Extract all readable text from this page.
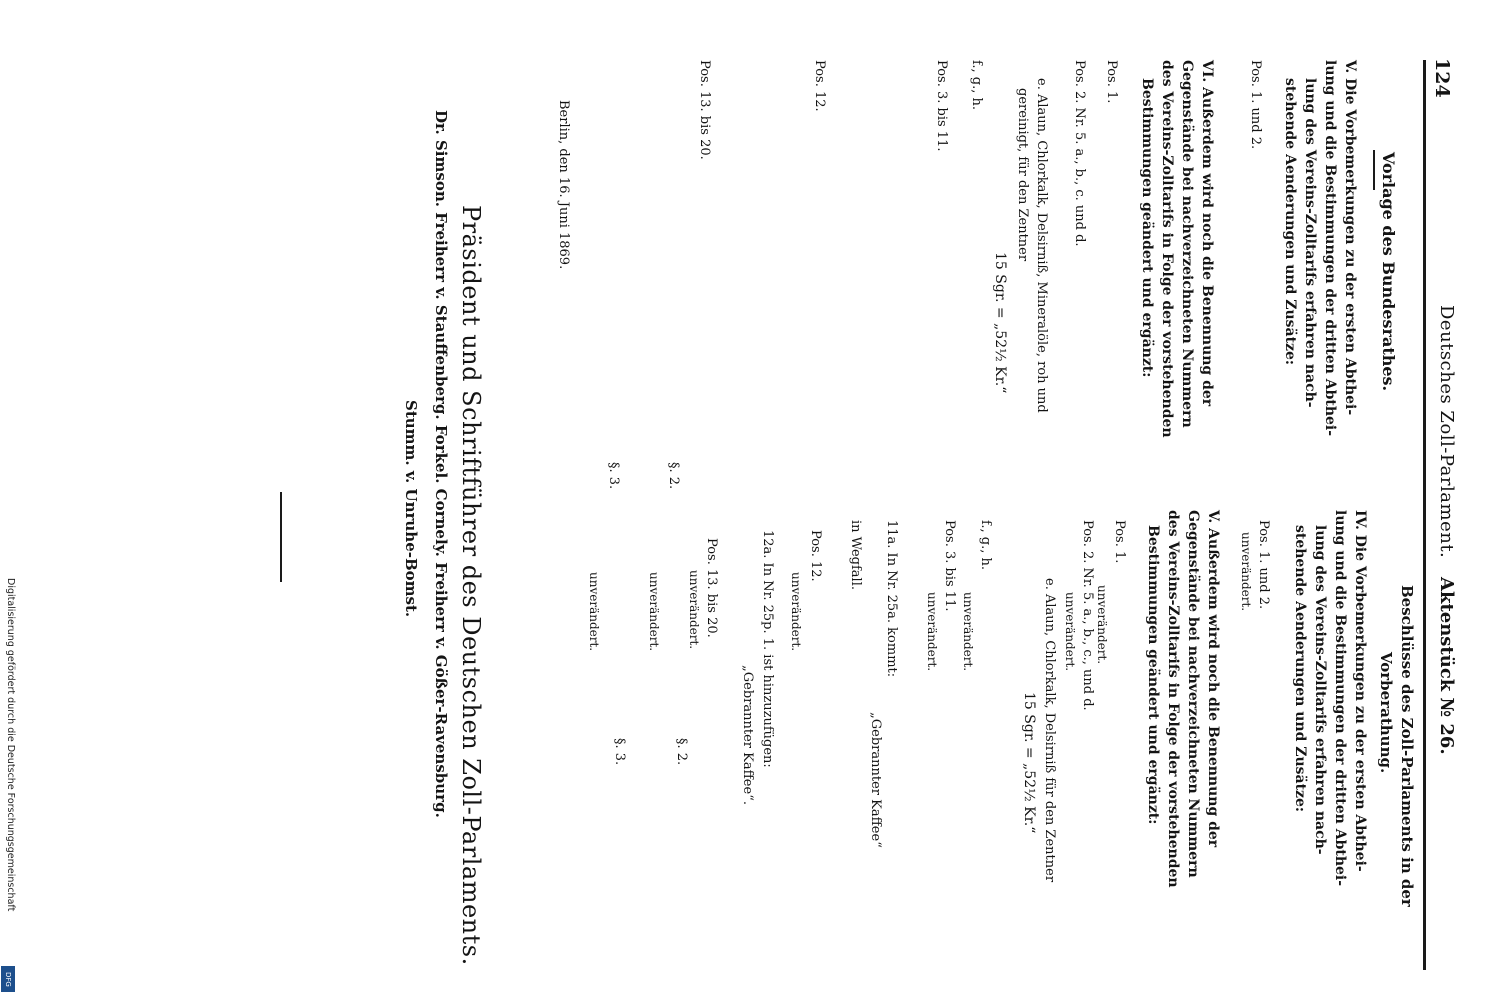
124
Deutsches Zoll-Parlament.
Aktenstück № 26.
Vorlage des Bundesrathes.
V. Die Vorbemerkungen zu der ersten Abthei-
lung und die Bestimmungen der dritten Abthei-
lung des Vereins-Zolltarifs erfahren nach-
stehende Aenderungen und Zusätze:
Pos. 1. und 2.
VI. Außerdem wird noch die Benennung der
Gegenstände bei nachverzeichneten Nummern
des Vereins-Zolltarifs in Folge der vorstehenden
Bestimmungen geändert und ergänzt:
Pos. 1.
Pos. 2. Nr. 5. a., b., c. und d.
e. Alaun, Chlorkalk, Delsirniß, Mineralöle, roh und
gereinigt, für den Zentner
15 Sgr. = „52½ Kr.“
f., g., h.
Pos. 3. bis 11.
Pos. 12.
Pos. 13. bis 20.
§. 2.
§. 3.
Berlin, den 16. Juni 1869.
Beschlüsse des Zoll-Parlaments in der
Vorberathung.
IV. Die Vorbemerkungen zu der ersten Abthei-
lung und die Bestimmungen der dritten Abthei-
lung des Vereins-Zolltarifs erfahren nach-
stehende Aenderungen und Zusätze:
Pos. 1. und 2.
unverändert.
V. Außerdem wird noch die Benennung der
Gegenstände bei nachverzeichneten Nummern
des Vereins-Zolltarifs in Folge der vorstehenden
Bestimmungen geändert und ergänzt:
Pos. 1.
unverändert.
Pos. 2. Nr. 5. a., b., c., und d.
unverändert.
e. Alaun, Chlorkalk, Delsirniß für den Zentner
15 Sgr. = „52½ Kr.“
f., g., h.
unverändert.
Pos. 3. bis 11.
unverändert.
11a. In Nr. 25a. kommt:
„Gebrannter Kaffee“
in Wegfall.
Pos. 12.
unverändert.
12a. In Nr. 25p. 1. ist hinzuzufügen:
„Gebrannter Kaffee“.
Pos. 13. bis 20.
unverändert.
§. 2.
unverändert.
§. 3.
unverändert.
Präsident und Schriftführer des Deutschen Zoll-Parlaments.
Dr. Simson. Freiherr v. Stauffenberg. Forkel. Cornely. Freiherr v. Gößer-Ravensburg.
Stumm. v. Unruhe-Bomst.
Digitalisierung gefördert durch die Deutsche Forschungsgemeinschaft
DFG
